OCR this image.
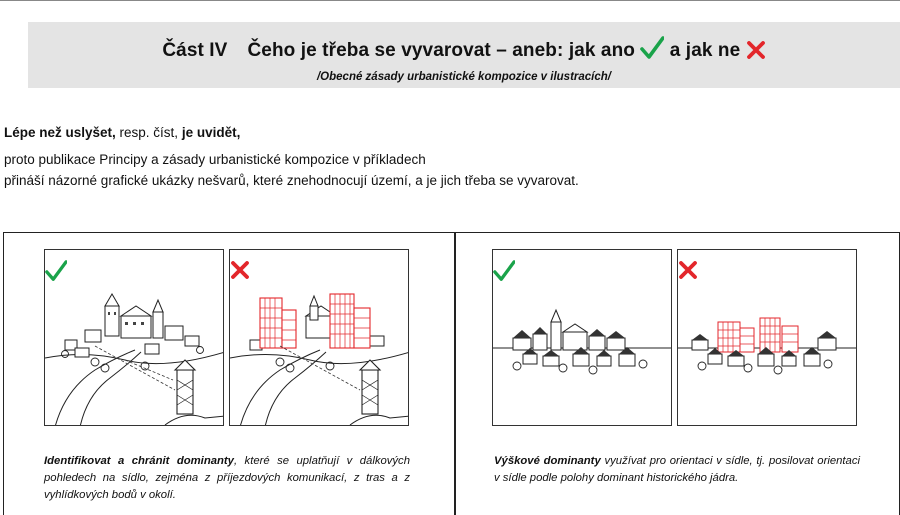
Část IV Čeho je třeba se vyvarovat – aneb: jak ano a jak ne
/Obecné zásady urbanistické kompozice v ilustracích/
Lépe než uslyšet, resp. číst, je uvidět,
proto publikace Principy a zásady urbanistické kompozice v příkladech
přináší názorné grafické ukázky nešvarů, které znehodnocují území, a je jich třeba se vyvarovat.
Identifikovat a chránit dominanty, které se uplatňují v dálkových pohledech na sídlo, zejména z příjezdových komunikací, z tras a z vyhlídkových bodů v okolí.
Výškové dominanty využívat pro orientaci v sídle, tj. posilovat orientaci v sídle podle polohy dominant historického jádra.
